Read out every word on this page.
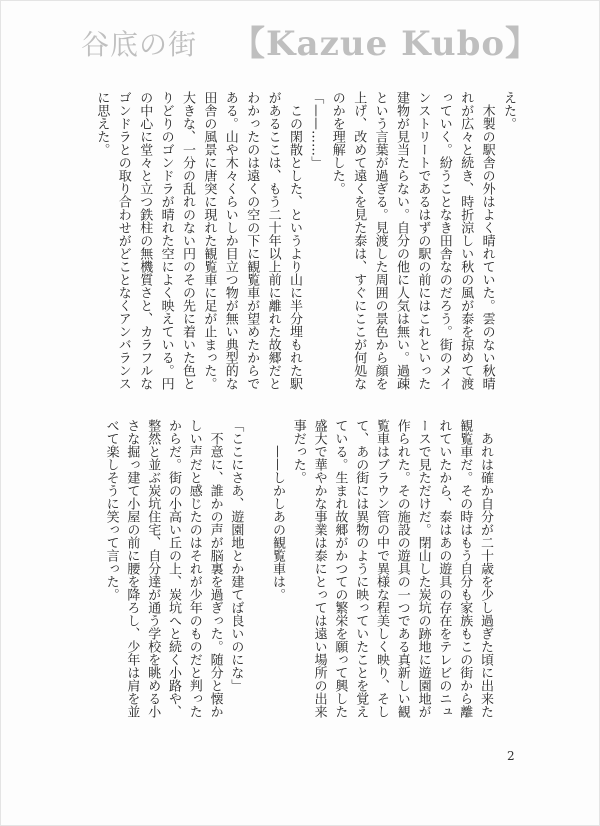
えた。
　木製の駅舎の外はよく晴れていた。雲のない秋晴
れが広々と続き、時折涼しい秋の風が泰を掠めて渡
っていく。紛うことなき田舎なのだろう。街のメイ
ンストリートであるはずの駅の前にはこれといった
建物が見当たらない。自分の他に人気は無い。過疎
という言葉が過ぎる。見渡した周囲の景色から顔を
上げ、改めて遠くを見た泰は、すぐにここが何処な
のかを理解した。
「——……」
　この閑散とした、というより山に半分埋もれた駅
があるここは、もう二十年以上前に離れた故郷だと
わかったのは遠くの空の下に観覧車が望めたからで
ある。山や木々くらいしか目立つ物が無い典型的な
田舎の風景に唐突に現れた観覧車に足が止まった。
大きな、一分の乱れのない円のその先に着いた色と
りどりのゴンドラが晴れた空によく映えている。円
の中心に堂々と立つ鉄柱の無機質さと、カラフルな
ゴンドラとの取り合わせがどことなくアンバランス
に思えた。
　あれは確か自分が二十歳を少し過ぎた頃に出来た
観覧車だ。その時はもう自分も家族もこの街から離
れていたから、泰はあの遊具の存在をテレビのニュ
ースで見ただけだ。閉山した炭坑の跡地に遊園地が
作られた。その施設の遊具の一つである真新しい観
覧車はブラウン管の中で異様な程美しく映り、そし
て、あの街には異物のように映っていたことを覚え
ている。生まれ故郷がかつての繁栄を願って興した
盛大で華やかな事業は泰にとっては遠い場所の出来
事だった。
　　——しかしあの観覧車は。
「ここにさあ、遊園地とか建てば良いのにな」
　不意に、誰かの声が脳裏を過ぎった。随分と懐か
しい声だと感じたのはそれが少年のものだと判った
からだ。街の小高い丘の上、炭坑へと続く小路や、
整然と並ぶ炭坑住宅、自分達が通う学校を眺める小
さな掘っ建て小屋の前に腰を降ろし、少年は肩を並
べて楽しそうに笑って言った。
谷底の街 【Kazue Kubo】
2
